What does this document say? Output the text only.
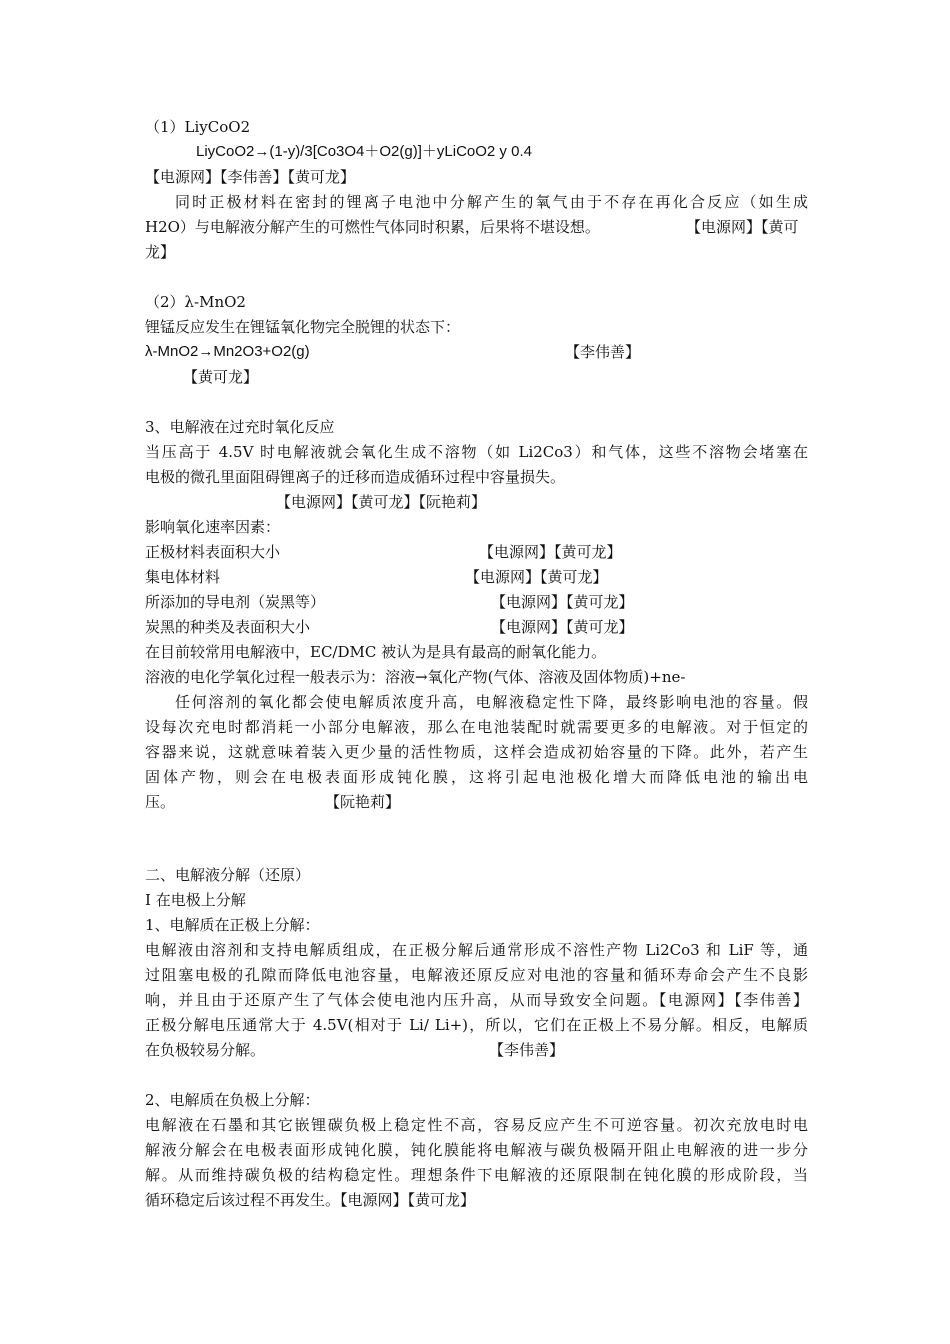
（1）LiyCoO2
LiyCoO2→(1-y)/3[Co3O4＋O2(g)]＋yLiCoO2 y 0.4
【电源网】【李伟善】【黄可龙】
同时正极材料在密封的锂离子电池中分解产生的氧气由于不存在再化合反应（如生成
H2O）与电解液分解产生的可燃性气体同时积累，后果将不堪设想。	【电源网】【黄可
龙】
（2）λ-MnO2
锂锰反应发生在锂锰氧化物完全脱锂的状态下：
λ-MnO2→Mn2O3+O2(g)	【李伟善】
【黄可龙】
3、电解液在过充时氧化反应
当压高于 4.5V 时电解液就会氧化生成不溶物（如 Li2Co3）和气体，这些不溶物会堵塞在
电极的微孔里面阻碍锂离子的迁移而造成循环过程中容量损失。
【电源网】【黄可龙】【阮艳莉】
影响氧化速率因素：
正极材料表面积大小	【电源网】【黄可龙】
集电体材料	【电源网】【黄可龙】
所添加的导电剂（炭黑等）	【电源网】【黄可龙】
炭黑的种类及表面积大小	【电源网】【黄可龙】
在目前较常用电解液中，EC/DMC 被认为是具有最高的耐氧化能力。
溶液的电化学氧化过程一般表示为：溶液→氧化产物(气体、溶液及固体物质)+ne-
任何溶剂的氧化都会使电解质浓度升高，电解液稳定性下降，最终影响电池的容量。假
设每次充电时都消耗一小部分电解液，那么在电池装配时就需要更多的电解液。对于恒定的
容器来说，这就意味着装入更少量的活性物质，这样会造成初始容量的下降。此外，若产生
固体产物，则会在电极表面形成钝化膜，这将引起电池极化增大而降低电池的输出电
压。	【阮艳莉】
二、电解液分解（还原）
I 在电极上分解
1、电解质在正极上分解：
电解液由溶剂和支持电解质组成，在正极分解后通常形成不溶性产物 Li2Co3 和 LiF 等，通
过阻塞电极的孔隙而降低电池容量，电解液还原反应对电池的容量和循环寿命会产生不良影
响，并且由于还原产生了气体会使电池内压升高，从而导致安全问题。【电源网】【李伟善】
正极分解电压通常大于 4.5V(相对于 Li/ Li+)，所以，它们在正极上不易分解。相反，电解质
在负极较易分解。	【李伟善】
2、电解质在负极上分解：
电解液在石墨和其它嵌锂碳负极上稳定性不高，容易反应产生不可逆容量。初次充放电时电
解液分解会在电极表面形成钝化膜，钝化膜能将电解液与碳负极隔开阻止电解液的进一步分
解。从而维持碳负极的结构稳定性。理想条件下电解液的还原限制在钝化膜的形成阶段，当
循环稳定后该过程不再发生。【电源网】【黄可龙】
